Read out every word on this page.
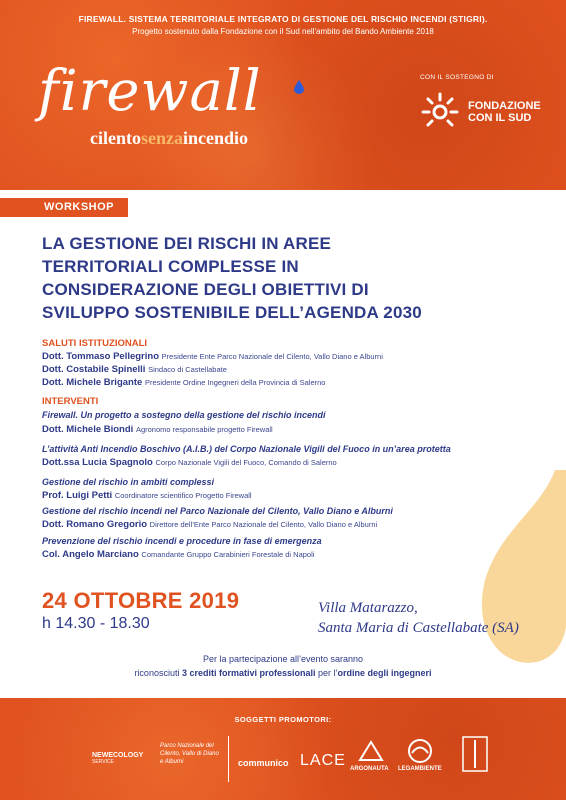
FIREWALL. SISTEMA TERRITORIALE INTEGRATO DI GESTIONE DEL RISCHIO INCENDI (STIGRI).
Progetto sostenuto dalla Fondazione con il Sud nell'ambito del Bando Ambiente 2018
firewall
cilentosenzaincendio
CON IL SOSTEGNO DI
FONDAZIONE
CON IL SUD
WORKSHOP
LA GESTIONE DEI RISCHI IN AREE
TERRITORIALI COMPLESSE IN
CONSIDERAZIONE DEGLI OBIETTIVI DI
SVILUPPO SOSTENIBILE DELL’AGENDA 2030
SALUTI ISTITUZIONALI
Dott. Tommaso Pellegrino Presidente Ente Parco Nazionale del Cilento, Vallo Diano e Alburni
Dott. Costabile Spinelli Sindaco di Castellabate
Dott. Michele Brigante Presidente Ordine Ingegneri della Provincia di Salerno
INTERVENTI
Firewall. Un progetto a sostegno della gestione del rischio incendi
Dott. Michele Biondi Agronomo responsabile progetto Firewall
L’attività Anti Incendio Boschivo (A.I.B.) del Corpo Nazionale Vigili del Fuoco in un’area protetta
Dott.ssa Lucia Spagnolo Corpo Nazionale Vigili del Fuoco, Comando di Salerno
Gestione del rischio in ambiti complessi
Prof. Luigi Petti Coordinatore scientifico Progetto Firewall
Gestione del rischio incendi nel Parco Nazionale del Cilento, Vallo Diano e Alburni
Dott. Romano Gregorio Direttore dell’Ente Parco Nazionale del Cilento, Vallo Diano e Alburni
Prevenzione del rischio incendi e procedure in fase di emergenza
Col. Angelo Marciano Comandante Gruppo Carabinieri Forestale di Napoli
24 OTTOBRE 2019
h 14.30 - 18.30
Villa Matarazzo,
Santa Maria di Castellabate (SA)
Per la partecipazione all’evento saranno
riconosciuti 3 crediti formativi professionali per l’ordine degli ingegneri
SOGGETTI PROMOTORI:
NEWECOLOGY
SERVICE
Parco Nazionale del Cilento, Vallo di Diano e Alburni	communico LACE ARGONAUTA LEGAMBIENTE
